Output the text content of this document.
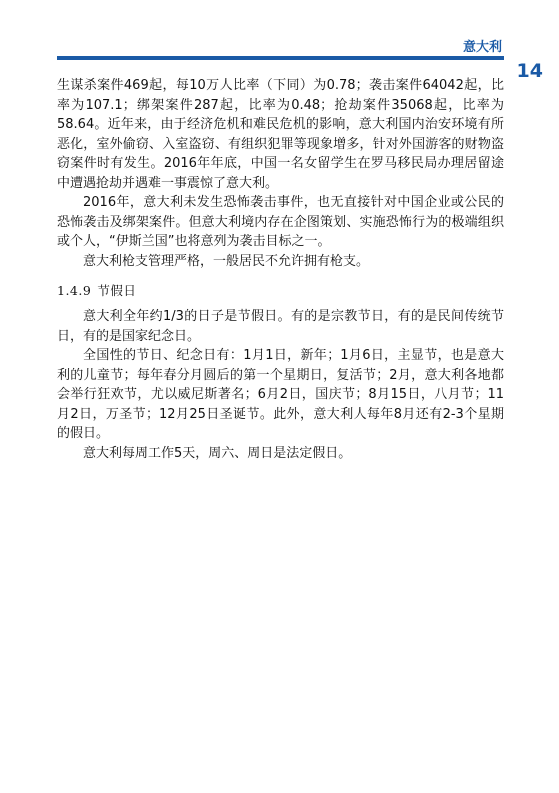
意大利
14

生谋杀案件469起，每10万人比率（下同）为0.78；袭击案件64042起，比率为107.1；绑架案件287起，比率为0.48；抢劫案件35068起，比率为58.64。近年来，由于经济危机和难民危机的影响，意大利国内治安环境有所恶化，室外偷窃、入室盗窃、有组织犯罪等现象增多，针对外国游客的财物盗窃案件时有发生。2016年年底，中国一名女留学生在罗马移民局办理居留途中遭遇抢劫并遇难一事震惊了意大利。

2016年，意大利未发生恐怖袭击事件，也无直接针对中国企业或公民的恐怖袭击及绑架案件。但意大利境内存在企图策划、实施恐怖行为的极端组织或个人，“伊斯兰国”也将意列为袭击目标之一。

意大利枪支管理严格，一般居民不允许拥有枪支。

1.4.9 节假日

意大利全年约1/3的日子是节假日。有的是宗教节日，有的是民间传统节日，有的是国家纪念日。

全国性的节日、纪念日有：1月1日，新年；1月6日，主显节，也是意大利的儿童节；每年春分月圆后的第一个星期日，复活节；2月，意大利各地都会举行狂欢节，尤以威尼斯著名；6月2日，国庆节；8月15日，八月节；11月2日，万圣节；12月25日圣诞节。此外，意大利人每年8月还有2-3个星期的假日。

意大利每周工作5天，周六、周日是法定假日。
